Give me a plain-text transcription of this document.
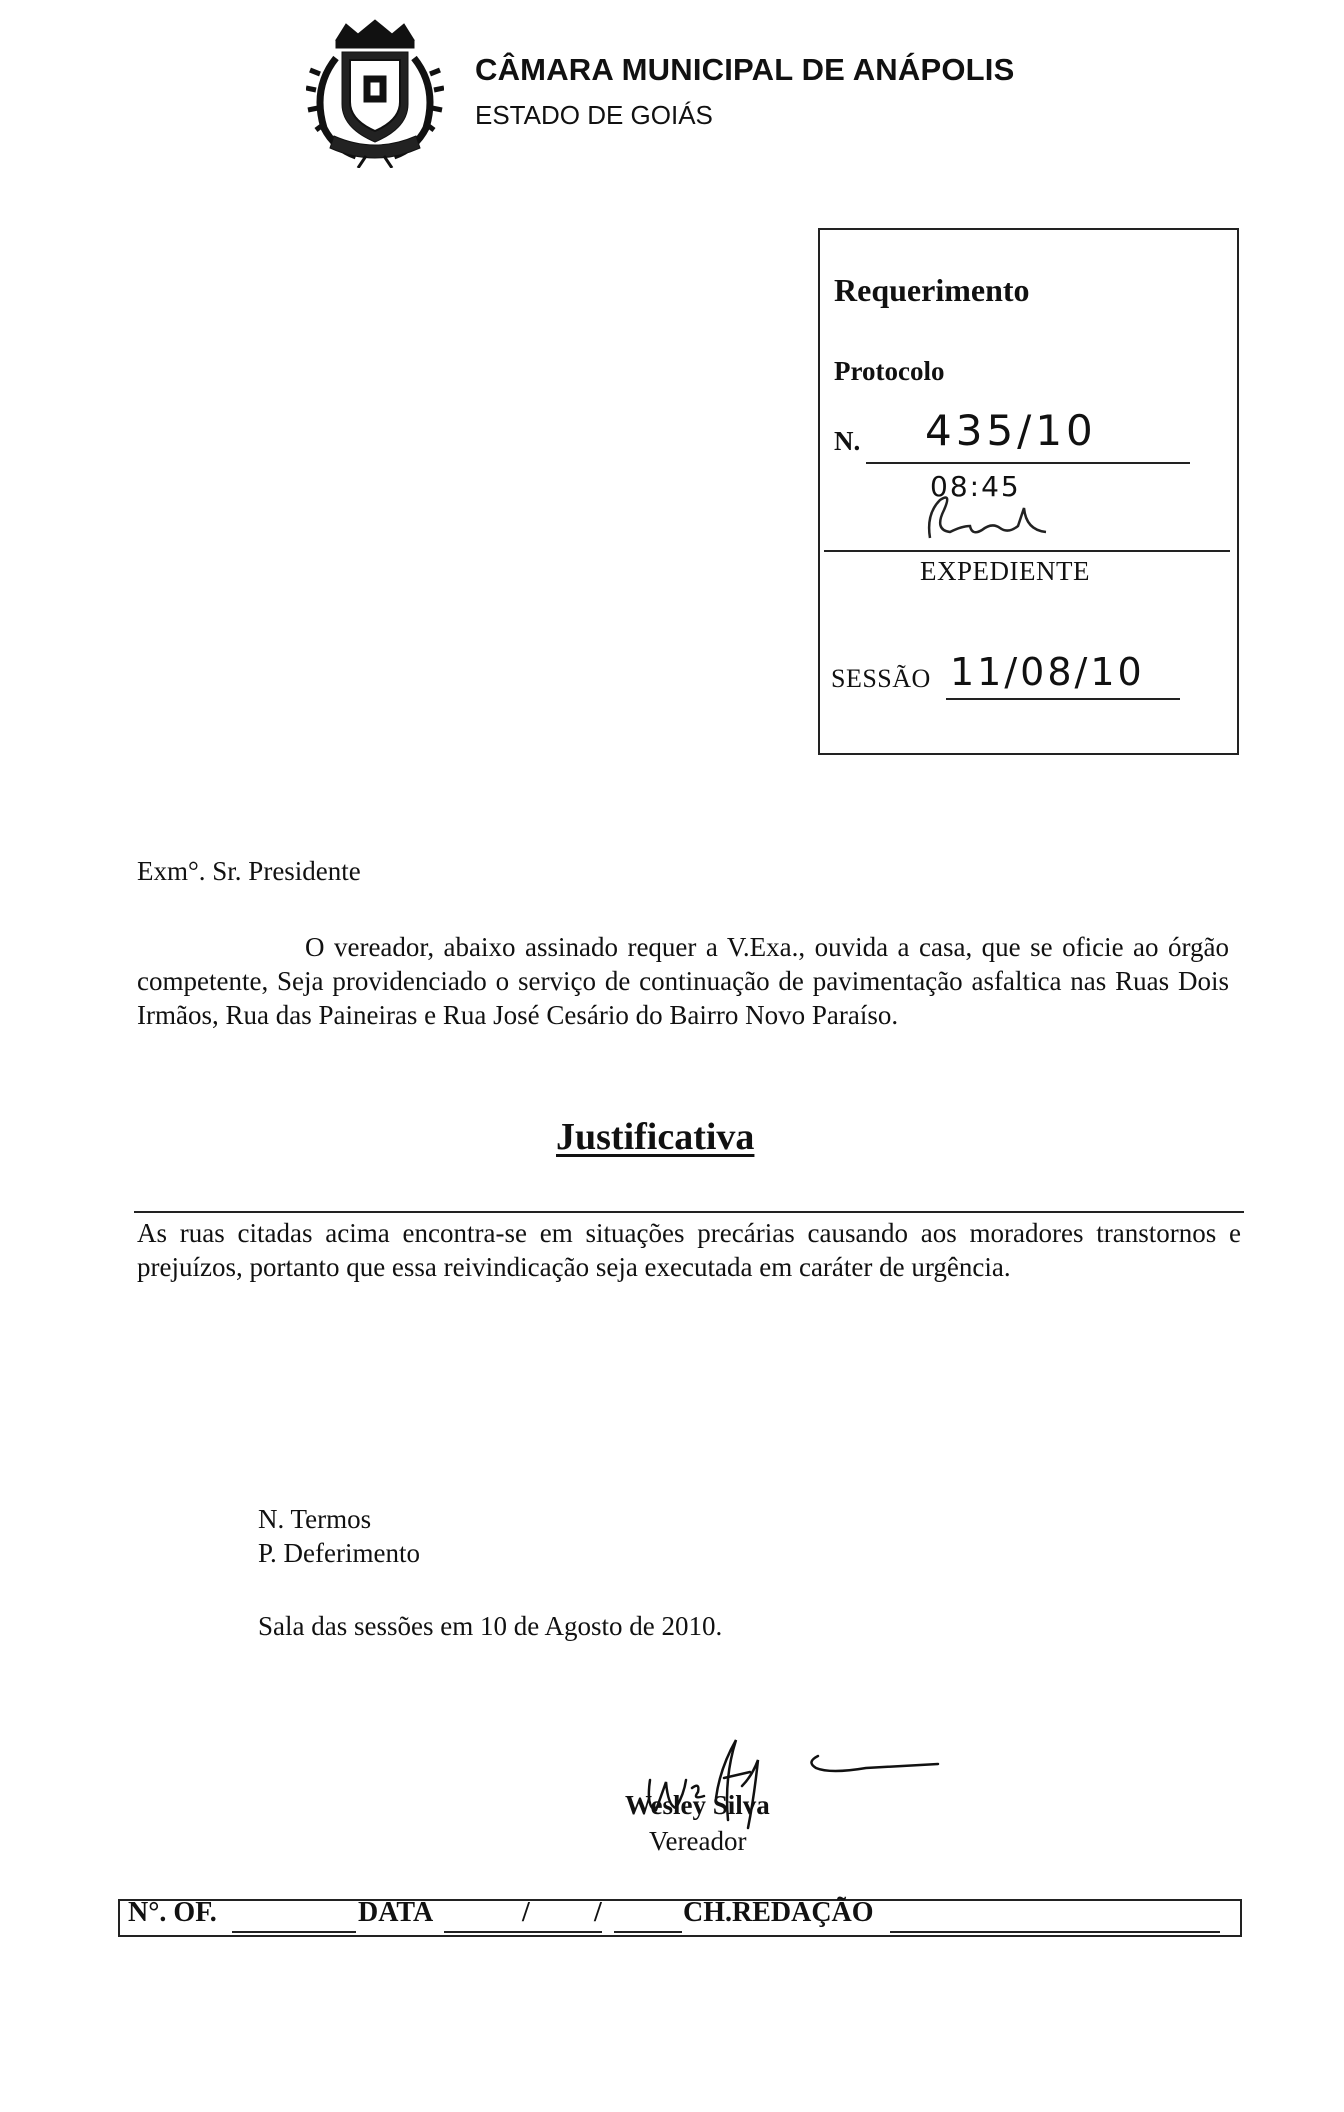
CÂMARA MUNICIPAL DE ANÁPOLIS
ESTADO DE GOIÁS
Requerimento
Protocolo
N. 435/10
08:45
EXPEDIENTE
SESSÃO 11/08/10
Exm°. Sr. Presidente
O vereador, abaixo assinado requer a V.Exa., ouvida a casa, que se oficie ao órgão competente, Seja providenciado o serviço de continuação de pavimentação asfaltica nas Ruas Dois Irmãos, Rua das Paineiras e Rua José Cesário do Bairro Novo Paraíso.
Justificativa
As ruas citadas acima encontra-se em situações precárias causando aos moradores transtornos e prejuízos, portanto que essa reivindicação seja executada em caráter de urgência.
N. Termos
P. Deferimento
Sala das sessões em 10 de Agosto de 2010.
Wesley Silva
Vereador
N°. OF.	DATA	/ /	CH.REDAÇÃO
